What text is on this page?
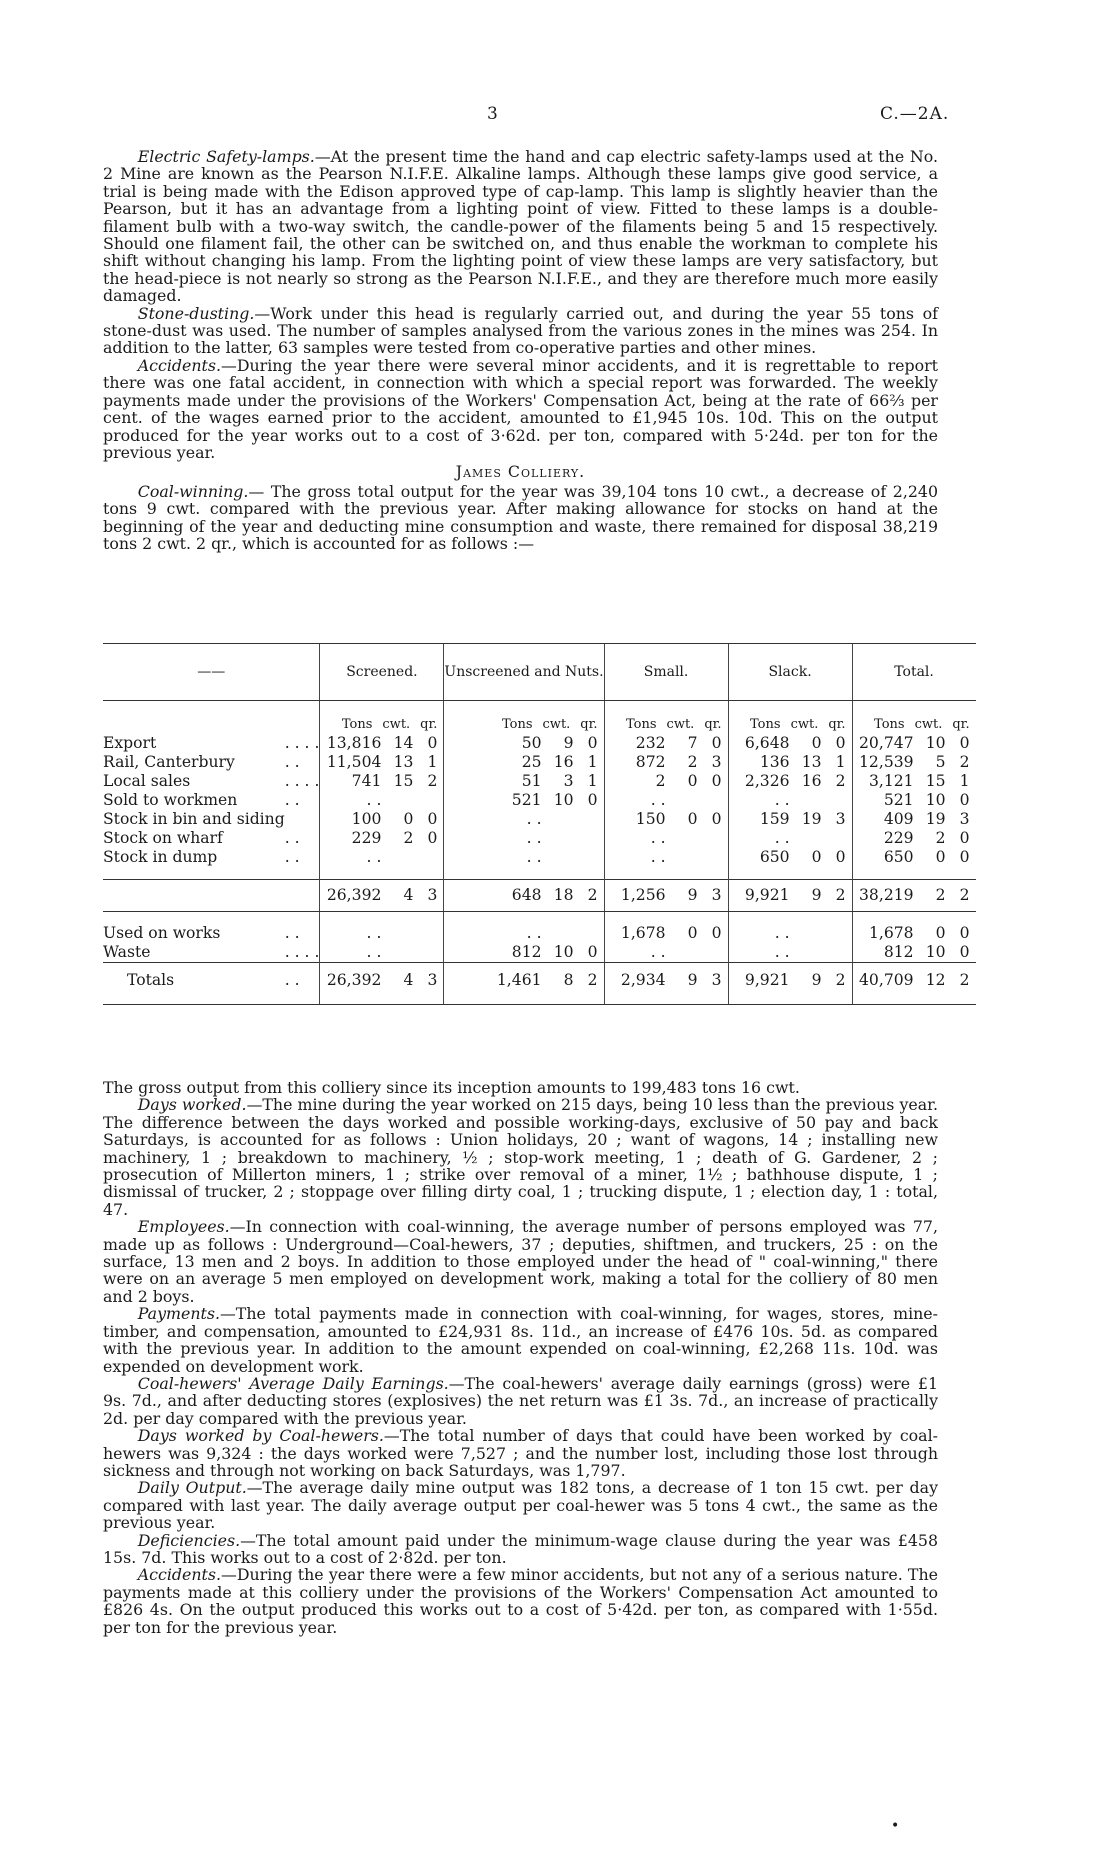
3	C.—2A.

Electric Safety-lamps.—At the present time the hand and cap electric safety-lamps used at the No. 2 Mine are known as the Pearson N.I.F.E. Alkaline lamps. Although these lamps give good service, a trial is being made with the Edison approved type of cap-lamp. This lamp is slightly heavier than the Pearson, but it has an advantage from a lighting point of view. Fitted to these lamps is a double-filament bulb with a two-way switch, the candle-power of the filaments being 5 and 15 respectively. Should one filament fail, the other can be switched on, and thus enable the workman to complete his shift without changing his lamp. From the lighting point of view these lamps are very satisfactory, but the head-piece is not nearly so strong as the Pearson N.I.F.E., and they are therefore much more easily damaged.

Stone-dusting.—Work under this head is regularly carried out, and during the year 55 tons of stone-dust was used. The number of samples analysed from the various zones in the mines was 254. In addition to the latter, 63 samples were tested from co-operative parties and other mines.

Accidents.—During the year there were several minor accidents, and it is regrettable to report there was one fatal accident, in connection with which a special report was forwarded. The weekly payments made under the provisions of the Workers' Compensation Act, being at the rate of 66⅔ per cent. of the wages earned prior to the accident, amounted to £1,945 10s. 10d. This on the output produced for the year works out to a cost of 3·62d. per ton, compared with 5·24d. per ton for the previous year.

James Colliery.

Coal-winning.— The gross total output for the year was 39,104 tons 10 cwt., a decrease of 2,240 tons 9 cwt. compared with the previous year. After making allowance for stocks on hand at the beginning of the year and deducting mine consumption and waste, there remained for disposal 38,219 tons 2 cwt. 2 qr., which is accounted for as follows :—

——		Screened.	Unscreened and Nuts.	Small.	Slack.	Total.

		Tons cwt. qr.	Tons cwt. qr.	Tons cwt. qr.	Tons cwt. qr.	Tons cwt. qr.

Export	. . . .	13,816 14 0	50 9 0	232 7 0	6,648 0 0	20,747 10 0

Rail, Canterbury	. .	11,504 13 1	25 16 1	872 2 3	136 13 1	12,539 5 2

Local sales	. . . .	741 15 2	51 3 1	2 0 0	2,326 16 2	3,121 15 1

Sold to workmen	. .	. .	521 10 0	. .	. .	521 10 0

Stock in bin and siding		100 0 0	. .	150 0 0	159 19 3	409 19 3

Stock on wharf	. .	229 2 0	. .	. .	. .	229 2 0

Stock in dump	. .	. .	. .	. .	650 0 0	650 0 0

		26,392 4 3	648 18 2	1,256 9 3	9,921 9 2	38,219 2 2

Used on works	. .	. .	. .	1,678 0 0	. .	1,678 0 0

Waste	. . . .	. .	812 10 0	. .	. .	812 10 0

Totals	. .	26,392 4 3	1,461 8 2	2,934 9 3	9,921 9 2	40,709 12 2

The gross output from this colliery since its inception amounts to 199,483 tons 16 cwt.

Days worked.—The mine during the year worked on 215 days, being 10 less than the previous year. The difference between the days worked and possible working-days, exclusive of 50 pay and back Saturdays, is accounted for as follows : Union holidays, 20 ; want of wagons, 14 ; installing new machinery, 1 ; breakdown to machinery, ½ ; stop-work meeting, 1 ; death of G. Gardener, 2 ; prosecution of Millerton miners, 1 ; strike over removal of a miner, 1½ ; bathhouse dispute, 1 ; dismissal of trucker, 2 ; stoppage over filling dirty coal, 1 ; trucking dispute, 1 ; election day, 1 : total, 47.

Employees.—In connection with coal-winning, the average number of persons employed was 77, made up as follows : Underground—Coal-hewers, 37 ; deputies, shiftmen, and truckers, 25 : on the surface, 13 men and 2 boys. In addition to those employed under the head of " coal-winning," there were on an average 5 men employed on development work, making a total for the colliery of 80 men and 2 boys.

Payments.—The total payments made in connection with coal-winning, for wages, stores, mine-timber, and compensation, amounted to £24,931 8s. 11d., an increase of £476 10s. 5d. as compared with the previous year. In addition to the amount expended on coal-winning, £2,268 11s. 10d. was expended on development work.

Coal-hewers' Average Daily Earnings.—The coal-hewers' average daily earnings (gross) were £1 9s. 7d., and after deducting stores (explosives) the net return was £1 3s. 7d., an increase of practically 2d. per day compared with the previous year.

Days worked by Coal-hewers.—The total number of days that could have been worked by coal-hewers was 9,324 : the days worked were 7,527 ; and the number lost, including those lost through sickness and through not working on back Saturdays, was 1,797.

Daily Output.—The average daily mine output was 182 tons, a decrease of 1 ton 15 cwt. per day compared with last year. The daily average output per coal-hewer was 5 tons 4 cwt., the same as the previous year.

Deficiencies.—The total amount paid under the minimum-wage clause during the year was £458 15s. 7d. This works out to a cost of 2·82d. per ton.

Accidents.—During the year there were a few minor accidents, but not any of a serious nature. The payments made at this colliery under the provisions of the Workers' Compensation Act amounted to £826 4s. On the output produced this works out to a cost of 5·42d. per ton, as compared with 1·55d. per ton for the previous year.

•
